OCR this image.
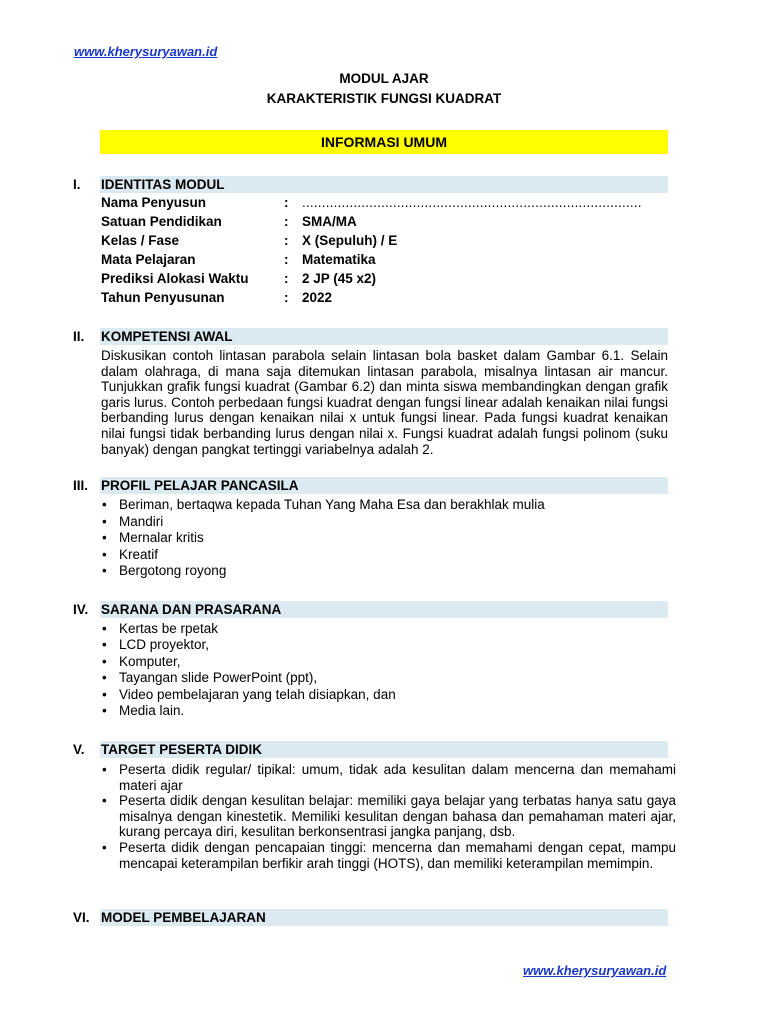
www.kherysuryawan.id
MODUL AJAR
KARAKTERISTIK FUNGSI KUADRAT
INFORMASI UMUM
I. IDENTITAS MODUL
Nama Penyusun	: ......................................................................................
Satuan Pendidikan	: SMA/MA
Kelas / Fase	: X (Sepuluh) / E
Mata Pelajaran	: Matematika
Prediksi Alokasi Waktu	: 2 JP (45 x2)
Tahun Penyusunan	: 2022
II. KOMPETENSI AWAL

Diskusikan contoh lintasan parabola selain lintasan bola basket dalam Gambar 6.1. Selain dalam olahraga, di mana saja ditemukan lintasan parabola, misalnya lintasan air mancur. Tunjukkan grafik fungsi kuadrat (Gambar 6.2) dan minta siswa membandingkan dengan grafik garis lurus. Contoh perbedaan fungsi kuadrat dengan fungsi linear adalah kenaikan nilai fungsi berbanding lurus dengan kenaikan nilai x untuk fungsi linear. Pada fungsi kuadrat kenaikan nilai fungsi tidak berbanding lurus dengan nilai x. Fungsi kuadrat adalah fungsi polinom (suku banyak) dengan pangkat tertinggi variabelnya adalah 2.

III. PROFIL PELAJAR PANCASILA
• Beriman, bertaqwa kepada Tuhan Yang Maha Esa dan berakhlak mulia
• Mandiri
• Mernalar kritis
• Kreatif
• Bergotong royong
IV. SARANA DAN PRASARANA
• Kertas be rpetak
• LCD proyektor,
• Komputer,
• Tayangan slide PowerPoint (ppt),
• Video pembelajaran yang telah disiapkan, dan
• Media lain.
V. TARGET PESERTA DIDIK
• Peserta didik regular/ tipikal: umum, tidak ada kesulitan dalam mencerna dan memahami materi ajar
• Peserta didik dengan kesulitan belajar: memiliki gaya belajar yang terbatas hanya satu gaya misalnya dengan kinestetik. Memiliki kesulitan dengan bahasa dan pemahaman materi ajar, kurang percaya diri, kesulitan berkonsentrasi jangka panjang, dsb.
• Peserta didik dengan pencapaian tinggi: mencerna dan memahami dengan cepat, mampu mencapai keterampilan berfikir arah tinggi (HOTS), dan memiliki keterampilan memimpin.
VI. MODEL PEMBELAJARAN
www.kherysuryawan.id
